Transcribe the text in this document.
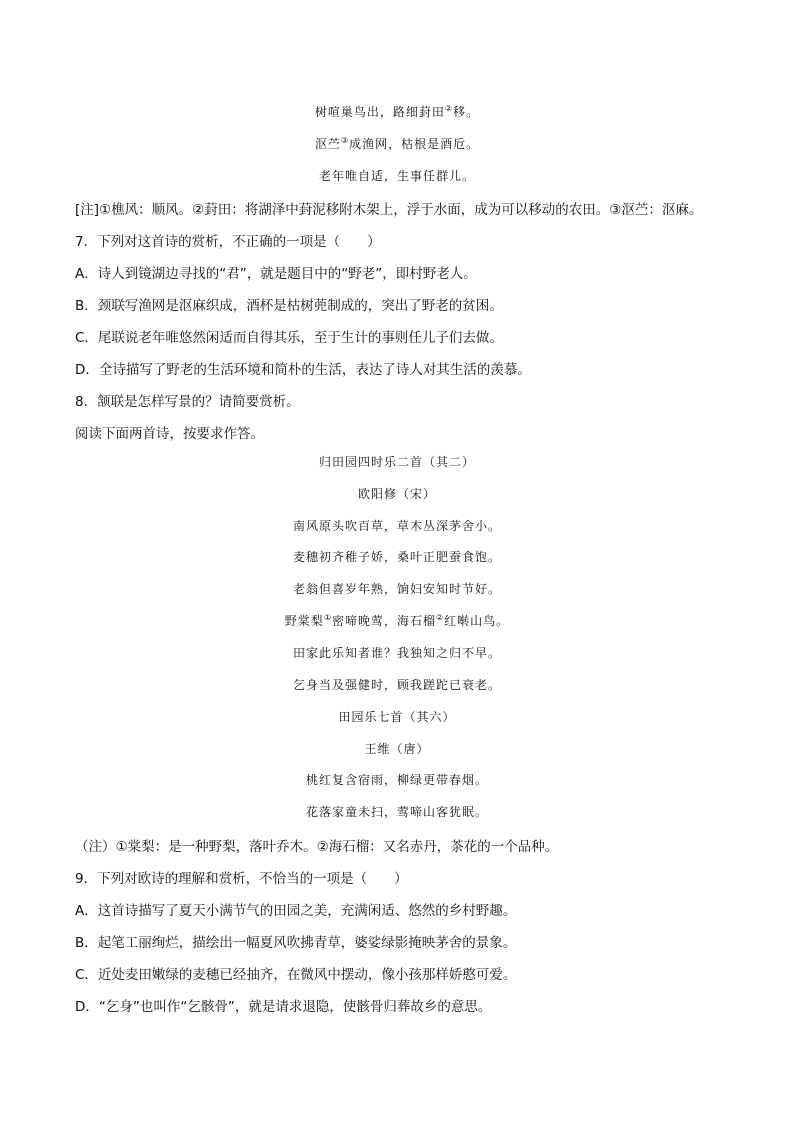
树喧巢鸟出，路细葑田②移。
沤苎③成渔网，枯根是酒卮。
老年唯自适，生事任群儿。
[注]①樵风：顺风。②葑田：将湖泽中葑泥移附木架上，浮于水面，成为可以移动的农田。③沤苎：沤麻。
7．下列对这首诗的赏析，不正确的一项是（　　）
A．诗人到镜湖边寻找的“君”，就是题目中的“野老”，即村野老人。
B．颈联写渔网是沤麻织成，酒杯是枯树蔸制成的，突出了野老的贫困。
C．尾联说老年唯悠然闲适而自得其乐，至于生计的事则任儿子们去做。
D．全诗描写了野老的生活环境和简朴的生活，表达了诗人对其生活的羡慕。
8．颔联是怎样写景的？请简要赏析。
阅读下面两首诗，按要求作答。
归田园四时乐二首（其二）
欧阳修（宋）
南风原头吹百草，草木丛深茅舍小。
麦穗初齐稚子娇，桑叶正肥蚕食饱。
老翁但喜岁年熟，饷妇安知时节好。
野棠梨①密啼晚莺，海石榴②红啭山鸟。
田家此乐知者谁？我独知之归不早。
乞身当及强健时，顾我蹉跎已衰老。
田园乐七首（其六）
王维（唐）
桃红复含宿雨，柳绿更带春烟。
花落家童未扫，莺啼山客犹眠。
（注）①棠梨：是一种野梨，落叶乔木。②海石榴：又名赤丹，茶花的一个品种。
9．下列对欧诗的理解和赏析，不恰当的一项是（　　）
A．这首诗描写了夏天小满节气的田园之美，充满闲适、悠然的乡村野趣。
B．起笔工丽绚烂，描绘出一幅夏风吹拂青草，婆娑绿影掩映茅舍的景象。
C．近处麦田嫩绿的麦穗已经抽齐，在微风中摆动，像小孩那样娇憨可爱。
D．“乞身”也叫作“乞骸骨”，就是请求退隐，使骸骨归葬故乡的意思。
